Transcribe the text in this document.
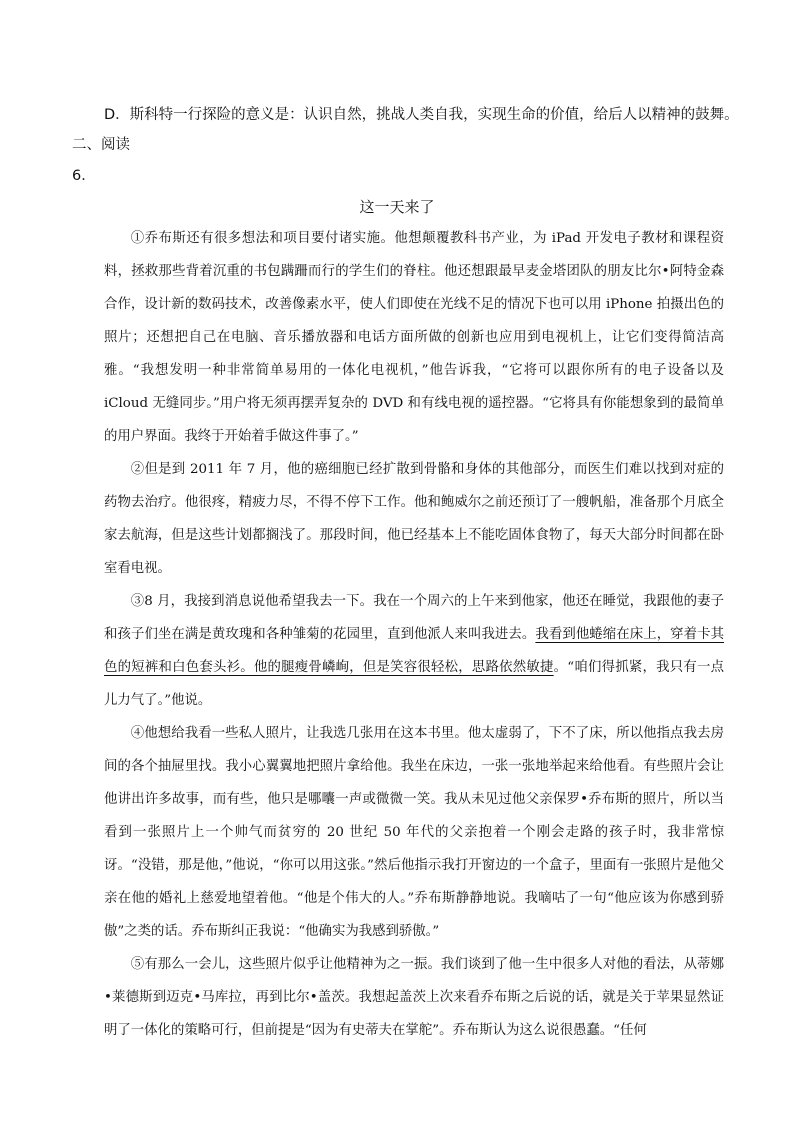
D．斯科特一行探险的意义是：认识自然，挑战人类自我，实现生命的价值，给后人以精神的鼓舞。
二、阅读
6．
这一天来了

①乔布斯还有很多想法和项目要付诸实施。他想颠覆教科书产业，为 iPad 开发电子教材和课程资料，拯救那些背着沉重的书包蹒跚而行的学生们的脊柱。他还想跟最早麦金塔团队的朋友比尔•阿特金森合作，设计新的数码技术，改善像素水平，使人们即使在光线不足的情况下也可以用 iPhone 拍摄出色的照片；还想把自己在电脑、音乐播放器和电话方面所做的创新也应用到电视机上，让它们变得简洁高雅。“我想发明一种非常简单易用的一体化电视机，”他告诉我，“它将可以跟你所有的电子设备以及 iCloud 无缝同步。”用户将无须再摆弄复杂的 DVD 和有线电视的遥控器。“它将具有你能想象到的最简单的用户界面。我终于开始着手做这件事了。”

②但是到 2011 年 7 月，他的癌细胞已经扩散到骨骼和身体的其他部分，而医生们难以找到对症的药物去治疗。他很疼，精疲力尽，不得不停下工作。他和鲍威尔之前还预订了一艘帆船，准备那个月底全家去航海，但是这些计划都搁浅了。那段时间，他已经基本上不能吃固体食物了，每天大部分时间都在卧室看电视。

③8 月，我接到消息说他希望我去一下。我在一个周六的上午来到他家，他还在睡觉，我跟他的妻子和孩子们坐在满是黄玫瑰和各种雏菊的花园里，直到他派人来叫我进去。我看到他蜷缩在床上，穿着卡其色的短裤和白色套头衫。他的腿瘦骨嶙峋，但是笑容很轻松，思路依然敏捷。“咱们得抓紧，我只有一点儿力气了。”他说。

④他想给我看一些私人照片，让我选几张用在这本书里。他太虚弱了，下不了床，所以他指点我去房间的各个抽屉里找。我小心翼翼地把照片拿给他。我坐在床边，一张一张地举起来给他看。有些照片会让他讲出许多故事，而有些，他只是哪囔一声或微微一笑。我从未见过他父亲保罗•乔布斯的照片，所以当看到一张照片上一个帅气而贫穷的 20 世纪 50 年代的父亲抱着一个刚会走路的孩子时，我非常惊讶。“没错，那是他，”他说，“你可以用这张。”然后他指示我打开窗边的一个盒子，里面有一张照片是他父亲在他的婚礼上慈爱地望着他。“他是个伟大的人。”乔布斯静静地说。我嘀咕了一句“他应该为你感到骄傲”之类的话。乔布斯纠正我说：“他确实为我感到骄傲。”

⑤有那么一会儿，这些照片似乎让他精神为之一振。我们谈到了他一生中很多人对他的看法，从蒂娜•莱德斯到迈克•马库拉，再到比尔•盖茨。我想起盖茨上次来看乔布斯之后说的话，就是关于苹果显然证明了一体化的策略可行，但前提是“因为有史蒂夫在掌舵”。乔布斯认为这么说很愚蠢。“任何
